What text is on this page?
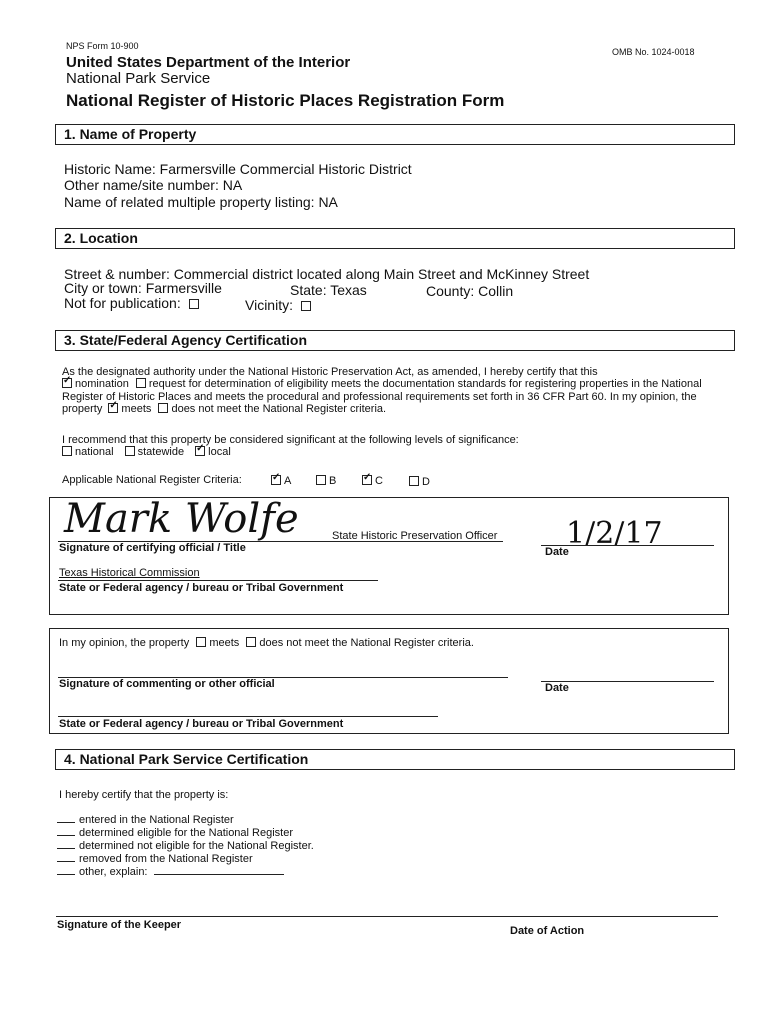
NPS Form 10-900
OMB No. 1024-0018
United States Department of the Interior
National Park Service
National Register of Historic Places Registration Form
1. Name of Property
Historic Name: Farmersville Commercial Historic District
Other name/site number: NA
Name of related multiple property listing: NA
2. Location
Street & number: Commercial district located along Main Street and McKinney Street
City or town: Farmersville	State: Texas	County: Collin
Not for publication:	Vicinity:
3. State/Federal Agency Certification
As the designated authority under the National Historic Preservation Act, as amended, I hereby certify that this
✓nomination request for determination of eligibility meets the documentation standards for registering properties in the National
Register of Historic Places and meets the procedural and professional requirements set forth in 36 CFR Part 60. In my opinion, the
property ✓ meets does not meet the National Register criteria.
I recommend that this property be considered significant at the following levels of significance:
national statewide ✓ local
Applicable National Register Criteria: ✓	A	B ✓	C	D
Mark Wolfe	State Historic Preservation Officer 1/2/17
Signature of certifying official / Title	Date
Texas Historical Commission
State or Federal agency / bureau or Tribal Government
In my opinion, the property meets does not meet the National Register criteria.
Signature of commenting or other official	Date
State or Federal agency / bureau or Tribal Government
4. National Park Service Certification
I hereby certify that the property is:
entered in the National Register
determined eligible for the National Register
determined not eligible for the National Register.
removed from the National Register
other, explain:
Signature of the Keeper	Date of Action
